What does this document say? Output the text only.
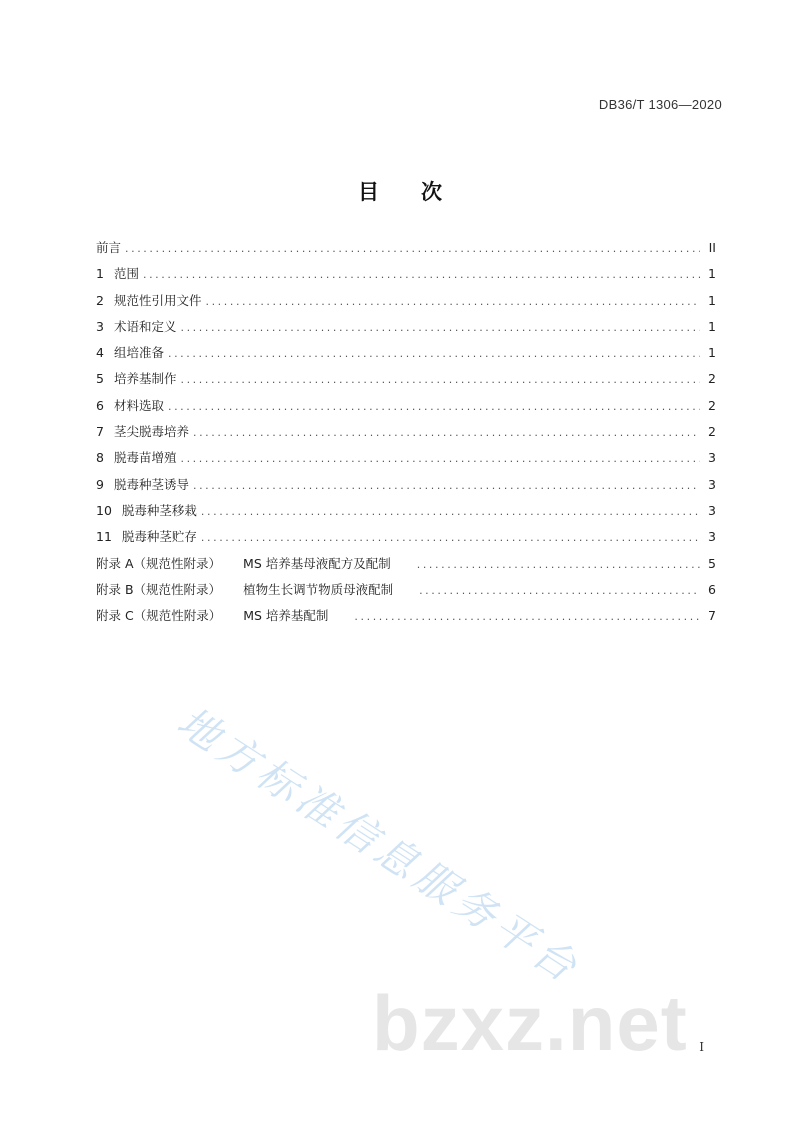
DB36/T 1306—2020
目 次
前言 .....	II
1 范围 .....	1
2 规范性引用文件 .....	1
3 术语和定义 .....	1
4 组培准备 .....	1
5 培养基制作 .....	2
6 材料选取 .....	2
7 茎尖脱毒培养 .....	2
8 脱毒苗增殖 .....	3
9 脱毒种茎诱导 .....	3
10 脱毒种茎移栽 .....	3
11 脱毒种茎贮存 .....	3
附录 A（规范性附录） MS 培养基母液配方及配制 .....	5
附录 B（规范性附录） 植物生长调节物质母液配制 .....	6
附录 C（规范性附录） MS 培养基配制 .....	7
地方标准信息服务平台
bzxz.net I
